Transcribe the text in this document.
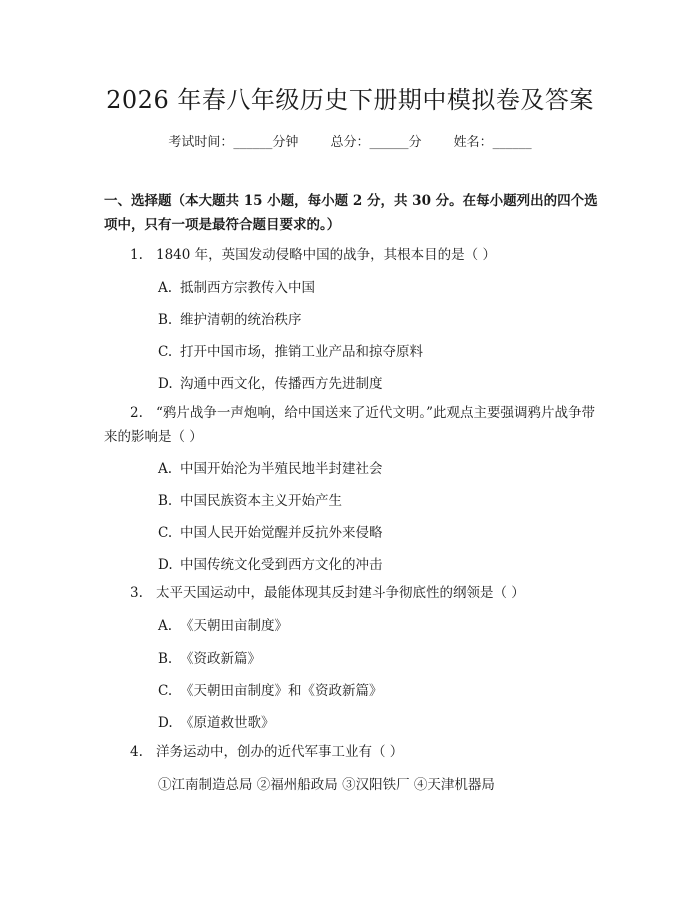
2026 年春八年级历史下册期中模拟卷及答案
考试时间：______分钟 总分：______分 姓名：______
一、选择题（本大题共 15 小题，每小题 2 分，共 30 分。在每小题列出的四个选项中，只有一项是最符合题目要求的。）
1. 1840 年，英国发动侵略中国的战争，其根本目的是（ ）
A. 抵制西方宗教传入中国
B. 维护清朝的统治秩序
C. 打开中国市场，推销工业产品和掠夺原料
D. 沟通中西文化，传播西方先进制度
2. “鸦片战争一声炮响，给中国送来了近代文明。”此观点主要强调鸦片战争带来的影响是（ ）
A. 中国开始沦为半殖民地半封建社会
B. 中国民族资本主义开始产生
C. 中国人民开始觉醒并反抗外来侵略
D. 中国传统文化受到西方文化的冲击
3. 太平天国运动中，最能体现其反封建斗争彻底性的纲领是（ ）
A. 《天朝田亩制度》
B. 《资政新篇》
C. 《天朝田亩制度》和《资政新篇》
D. 《原道救世歌》
4. 洋务运动中，创办的近代军事工业有（ ）
①江南制造总局 ②福州船政局 ③汉阳铁厂 ④天津机器局
